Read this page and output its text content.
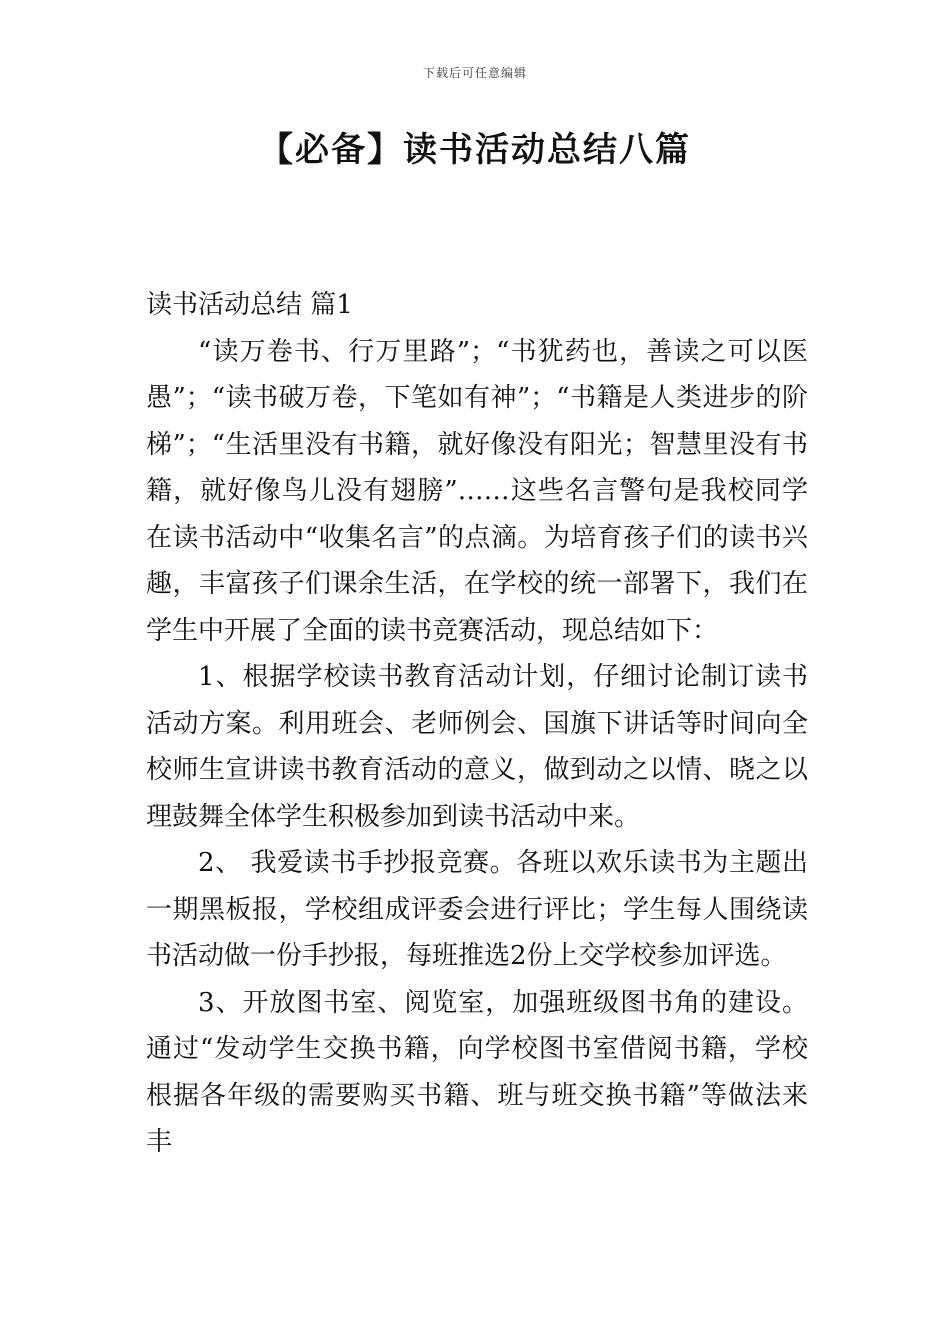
下载后可任意编辑
【必备】读书活动总结八篇

读书活动总结 篇1

“读万卷书、行万里路”；“书犹药也，善读之可以医愚”；“读书破万卷，下笔如有神”；“书籍是人类进步的阶梯”；“生活里没有书籍，就好像没有阳光；智慧里没有书籍，就好像鸟儿没有翅膀”……这些名言警句是我校同学在读书活动中“收集名言”的点滴。为培育孩子们的读书兴趣，丰富孩子们课余生活，在学校的统一部署下，我们在学生中开展了全面的读书竞赛活动，现总结如下：

1、根据学校读书教育活动计划，仔细讨论制订读书活动方案。利用班会、老师例会、国旗下讲话等时间向全校师生宣讲读书教育活动的意义，做到动之以情、晓之以理鼓舞全体学生积极参加到读书活动中来。

2、 我爱读书手抄报竞赛。各班以欢乐读书为主题出一期黑板报，学校组成评委会进行评比；学生每人围绕读书活动做一份手抄报，每班推选2份上交学校参加评选。

3、开放图书室、阅览室，加强班级图书角的建设。通过“发动学生交换书籍，向学校图书室借阅书籍，学校根据各年级的需要购买书籍、班与班交换书籍”等做法来丰
